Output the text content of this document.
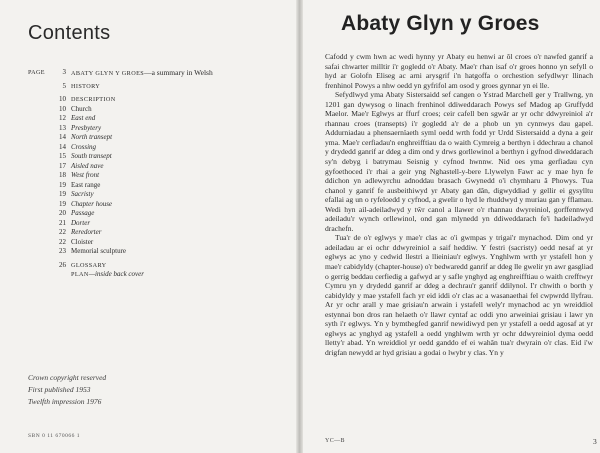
Contents
PAGE	3 ABATY GLYN Y GROES—a summary in Welsh
5 HISTORY
10 DESCRIPTION
10 Church
12 East end
13 Presbytery
14 North transept
14 Crossing
15 South transept
17 Aisled nave
18 West front
19 East range
19 Sacristy
19 Chapter house
20 Passage
21 Dorter
22 Reredorter
22 Cloister
23 Memorial sculpture
26 GLOSSARY
PLAN—inside back cover
Crown copyright reserved
First published 1953
Twelfth impression 1976
SBN 0 11 670066 1
Abaty Glyn y Groes

Cafodd y cwm hwn ac wedi hynny yr Abaty eu henwi ar ôl croes o'r nawfed ganrif a safai chwarter milltir i'r gogledd o'r Abaty. Mae'r rhan isaf o'r groes honno yn sefyll o hyd ar Golofn Eliseg ac arni arysgrif i'n hatgoffa o orchestion sefydlwyr llinach frenhinol Powys a nhw oedd yn gyfrifol am osod y groes gynnar yn ei lle.

Sefydlwyd yma Abaty Sistersaidd sef cangen o Ystrad Marchell ger y Trallwng, yn 1201 gan dywysog o linach frenhinol ddiweddarach Powys sef Madog ap Gruffydd Maelor. Mae'r Eglwys ar ffurf croes; ceir cafell ben sgwâr ar yr ochr ddwyreiniol a'r rhannau croes (transepts) i'r gogledd a'r de a phob un yn cynnwys dau gapel. Addurniadau a phensaernïaeth syml oedd wrth fodd yr Urdd Sistersaidd a dyna a geir yma. Mae'r cerfiadau'n enghreifftiau da o waith Cymreig a berthyn i ddechrau a chanol y drydedd ganrif ar ddeg a dim ond y drws gorllewinol a berthyn i gyfnod diweddarach sy'n debyg i batrymau Seisnig y cyfnod hwnnw. Nid oes yma gerfiadau cyn gyfoethoced i'r rhai a geir yng Nghastell-y-bere Llywelyn Fawr ac y mae hyn fe ddichon yn adlewyrchu adnoddau brasach Gwynedd o'i chymharu â Phowys. Tua chanol y ganrif fe ausbeithiwyd yr Abaty gan dân, digwyddiad y gellir ei gysylltu efallai ag un o ryfeloedd y cyfnod, a gwelir o hyd le rhuddwyd y muriau gan y fflamau. Wedi hyn ail-adeiladwyd y tŵr canol a llawer o'r rhannau dwyreiniol, gorffennwyd adeiladu'r wynch orllewinol, ond gan mlynedd yn ddiweddarach fe'i hadeiladwyd drachefn.

Tua'r de o'r eglwys y mae'r clas ac o'i gwmpas y trigai'r mynachod. Dim ond yr adeiladau ar ei ochr ddwyreiniol a saif heddiw. Y festri (sacristy) oedd nesaf at yr eglwys ac yno y cedwid llestri a llieiniau'r eglwys. Ynghlwm wrth yr ystafell hon y mae'r cabidyldy (chapter-house) o'r bedwaredd ganrif ar ddeg lle gwelir yn awr gasgliad o gerrig beddau cerfiedig a gafwyd ar y safle ynghyd ag enghreifftiau o waith crefftwyr Cymru yn y drydedd ganrif ar ddeg a dechrau'r ganrif ddilynol. I'r chwith o borth y cabidyldy y mae ystafell fach yr eid iddi o'r clas ac a wasanaethai fel cwpwrdd llyfrau. Ar yr ochr arall y mae grisiau'n arwain i ystafell wely'r mynachod ac yn wreiddiol estynnai bon dros ran helaeth o'r llawr cyntaf ac oddi yno arweiniai grisiau i lawr yn syth i'r eglwys. Yn y bymthegfed ganrif newidiwyd pen yr ystafell a oedd agosaf at yr eglwys ac ynghyd ag ystafell a oedd ynghlwm wrth yr ochr ddwyreiniol dyma oedd lletty'r abad. Yn wreiddiol yr oedd ganddo ef ei wahân tua'r dwyrain o'r clas. Eid i'w drigfan newydd ar hyd grisiau a godai o lwybr y clas. Yn y

YC—B	3
